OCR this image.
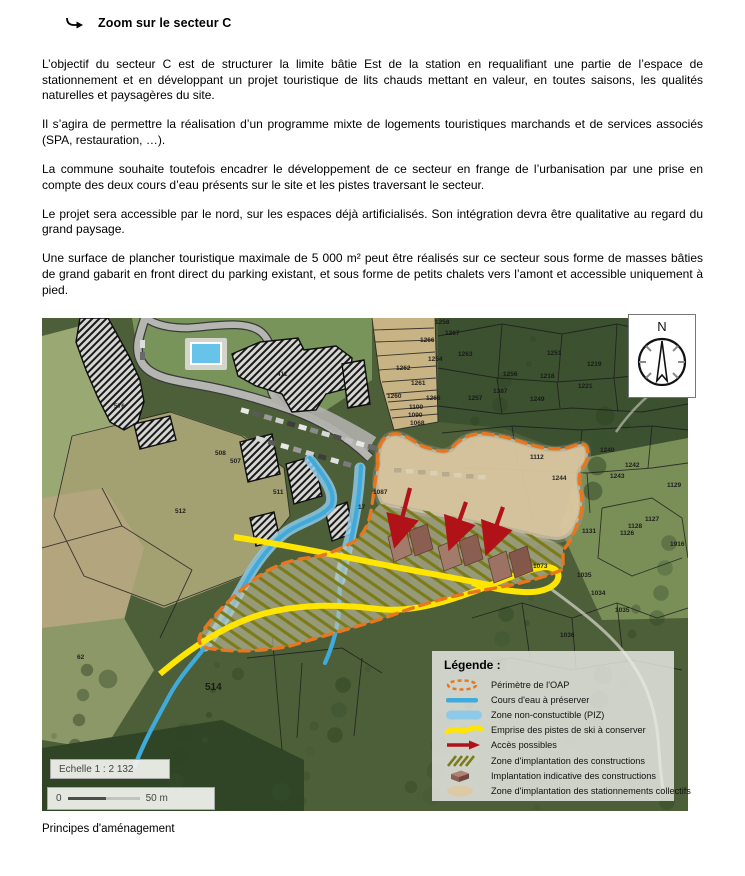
Zoom sur le secteur C

L’objectif du secteur C est de structurer la limite bâtie Est de la station en requalifiant une partie de l’espace de stationnement et en développant un projet touristique de lits chauds mettant en valeur, en toutes saisons, les qualités naturelles et paysagères du site.

Il s’agira de permettre la réalisation d’un programme mixte de logements touristiques marchands et de services associés (SPA, restauration, …).

La commune souhaite toutefois encadrer le développement de ce secteur en frange de l’urbanisation par une prise en compte des deux cours d’eau présents sur le site et les pistes traversant le secteur.

Le projet sera accessible par le nord, sur les espaces déjà artificialisés. Son intégration devra être qualitative au regard du grand paysage.

Une surface de plancher touristique maximale de 5 000 m² peut être réalisés sur ce secteur sous forme de masses bâties de grand gabarit en front direct du parking existant, et sous forme de petits chalets vers l’amont et accessible uniquement à pied.

1258
1267
1266
1263
1254
1262
1261
1260	1266
1100
1090
1068
1256
1251
1219
1218
1221
1387
1249
1257
1240
1242
1243
1244
1129
1127
1128
1131	1126
1916
1112
1087
1073
1035
1034
1035
1036
17
514
512
511
508
507
411
576
62
N
Echelle 1 : 2 132
0	50 m

Légende :

Périmètre de l'OAP
Cours d'eau à préserver
Zone non-constuctible (PIZ)
Emprise des pistes de ski à conserver
Accès possibles
Zone d'implantation des constructions
Implantation indicative des constructions
Zone d'implantation des stationnements collectifs
Principes d'aménagement
